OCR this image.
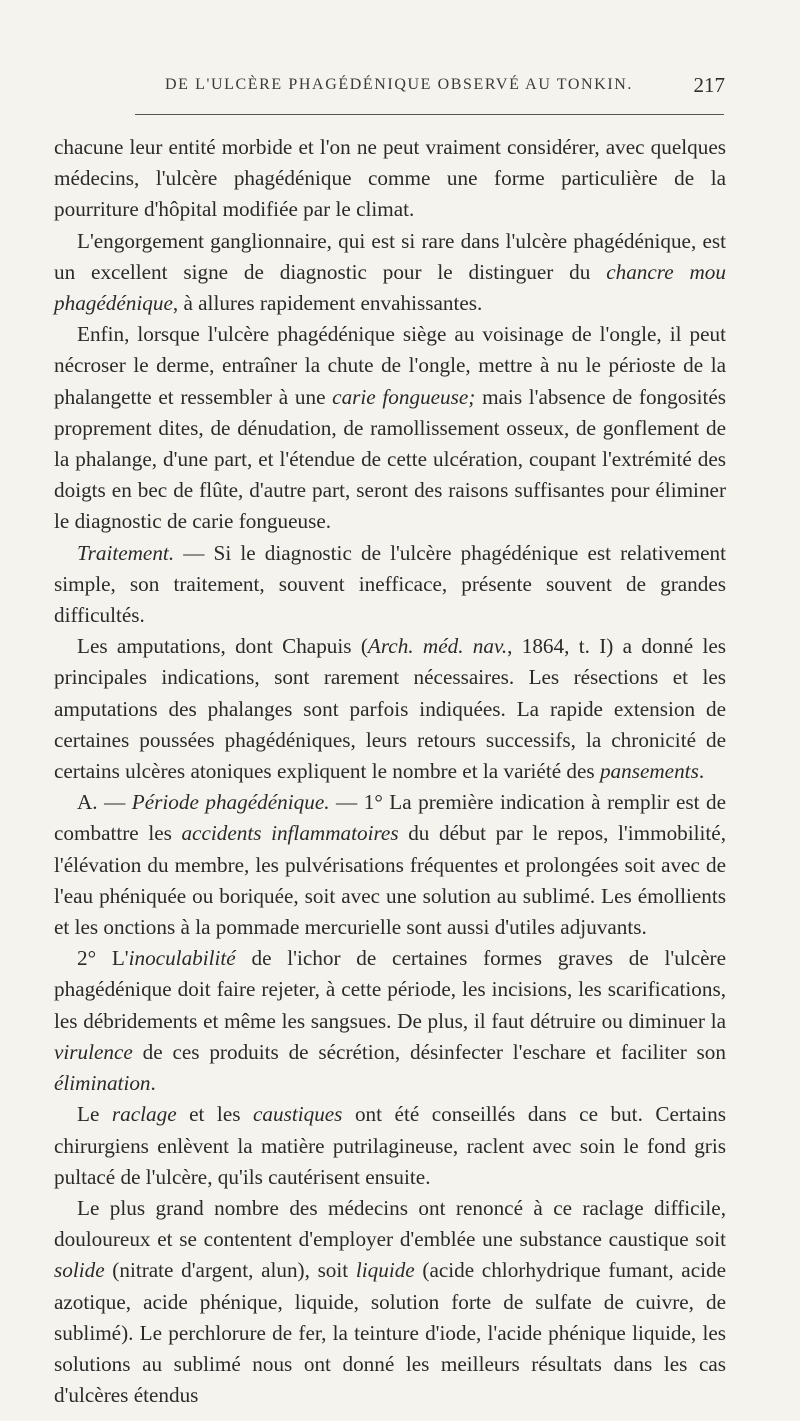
DE L'ULCÈRE PHAGÉDÉNIQUE OBSERVÉ AU TONKIN.	217

chacune leur entité morbide et l'on ne peut vraiment considérer, avec quelques médecins, l'ulcère phagédénique comme une forme particulière de la pourriture d'hôpital modifiée par le climat.

L'engorgement ganglionnaire, qui est si rare dans l'ulcère phagédénique, est un excellent signe de diagnostic pour le distinguer du chancre mou phagédénique, à allures rapidement envahissantes.

Enfin, lorsque l'ulcère phagédénique siège au voisinage de l'ongle, il peut nécroser le derme, entraîner la chute de l'ongle, mettre à nu le périoste de la phalangette et ressembler à une carie fongueuse; mais l'absence de fongosités proprement dites, de dénudation, de ramollissement osseux, de gonflement de la phalange, d'une part, et l'étendue de cette ulcération, coupant l'extrémité des doigts en bec de flûte, d'autre part, seront des raisons suffisantes pour éliminer le diagnostic de carie fongueuse.

Traitement. — Si le diagnostic de l'ulcère phagédénique est relativement simple, son traitement, souvent inefficace, présente souvent de grandes difficultés.

Les amputations, dont Chapuis (Arch. méd. nav., 1864, t. I) a donné les principales indications, sont rarement nécessaires. Les résections et les amputations des phalanges sont parfois indiquées. La rapide extension de certaines poussées phagédéniques, leurs retours successifs, la chronicité de certains ulcères atoniques expliquent le nombre et la variété des pansements.

A. — Période phagédénique. — 1° La première indication à remplir est de combattre les accidents inflammatoires du début par le repos, l'immobilité, l'élévation du membre, les pulvérisations fréquentes et prolongées soit avec de l'eau phéniquée ou boriquée, soit avec une solution au sublimé. Les émollients et les onctions à la pommade mercurielle sont aussi d'utiles adjuvants.

2° L'inoculabilité de l'ichor de certaines formes graves de l'ulcère phagédénique doit faire rejeter, à cette période, les incisions, les scarifications, les débridements et même les sangsues. De plus, il faut détruire ou diminuer la virulence de ces produits de sécrétion, désinfecter l'eschare et faciliter son élimination.

Le raclage et les caustiques ont été conseillés dans ce but. Certains chirurgiens enlèvent la matière putrilagineuse, raclent avec soin le fond gris pultacé de l'ulcère, qu'ils cautérisent ensuite.

Le plus grand nombre des médecins ont renoncé à ce raclage difficile, douloureux et se contentent d'employer d'emblée une substance caustique soit solide (nitrate d'argent, alun), soit liquide (acide chlorhydrique fumant, acide azotique, acide phénique, liquide, solution forte de sulfate de cuivre, de sublimé). Le perchlorure de fer, la teinture d'iode, l'acide phénique liquide, les solutions au sublimé nous ont donné les meilleurs résultats dans les cas d'ulcères étendus
